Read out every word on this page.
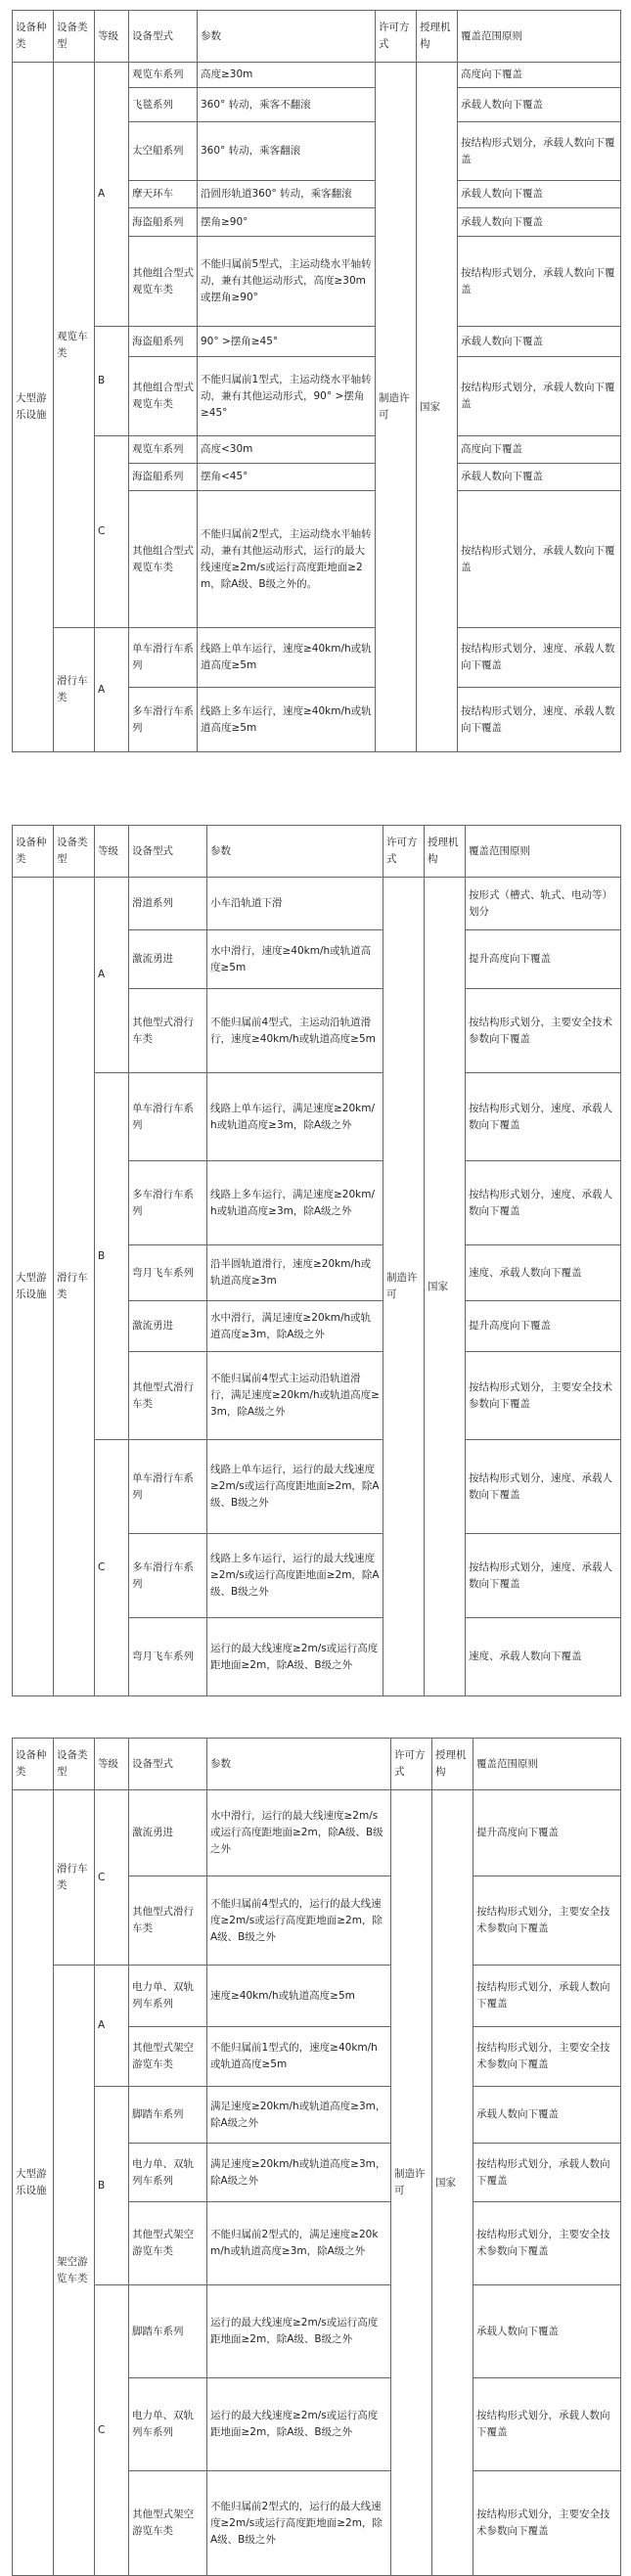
设备种类	设备类型	等级	设备型式	参数	许可方式	授理机构	覆盖范围原则
大型游乐设施	观览车类	A	观览车系列	高度≥30m	制造许可	国家	高度向下覆盖
			飞毯系列	360° 转动，乘客不翻滚			承载人数向下覆盖
			太空船系列	360° 转动，乘客翻滚			按结构形式划分，承载人数向下覆盖
			摩天环车	沿圆形轨道360° 转动，乘客翻滚			承载人数向下覆盖
			海盗船系列	摆角≥90°			承载人数向下覆盖
			其他组合型式观览车类	不能归属前5型式，主运动绕水平轴转动，兼有其他运动形式，高度≥30m或摆角≥90°			按结构形式划分，承载人数向下覆盖
		B	海盗船系列	90° >摆角≥45°			承载人数向下覆盖
			其他组合型式观览车类	不能归属前1型式，主运动绕水平轴转动，兼有其他运动形式，90° >摆角≥45°			按结构形式划分，承载人数向下覆盖
		C	观览车系列	高度<30m			高度向下覆盖
			海盗船系列	摆角<45°			承载人数向下覆盖
			其他组合型式观览车类	不能归属前2型式，主运动绕水平轴转动，兼有其他运动形式，运行的最大线速度≥2m/s或运行高度距地面≥2m，除A级、B级之外的。			按结构形式划分，承载人数向下覆盖
	滑行车类	A	单车滑行车系列	线路上单车运行，速度≥40km/h或轨道高度≥5m			按结构形式划分，速度、承载人数向下覆盖
			多车滑行车系列	线路上多车运行，速度≥40km/h或轨道高度≥5m			按结构形式划分，速度、承载人数向下覆盖
设备种类	设备类型	等级	设备型式	参数	许可方式	授理机构	覆盖范围原则
大型游乐设施	滑行车类	A	滑道系列	小车沿轨道下滑	制造许可	国家	按形式（槽式、轨式、电动等）划分
			激流勇进	水中滑行，速度≥40km/h或轨道高度≥5m			提升高度向下覆盖
			其他型式滑行车类	不能归属前4型式，主运动沿轨道滑行，速度≥40km/h或轨道高度≥5m			按结构形式划分，主要安全技术参数向下覆盖
		B	单车滑行车系列	线路上单车运行，满足速度≥20km/h或轨道高度≥3m，除A级之外			按结构形式划分，速度、承载人数向下覆盖
			多车滑行车系列	线路上多车运行，满足速度≥20km/h或轨道高度≥3m，除A级之外			按结构形式划分，速度、承载人数向下覆盖
			弯月飞车系列	沿半圆轨道滑行，速度≥20km/h或轨道高度≥3m			速度、承载人数向下覆盖
			激流勇进	水中滑行，满足速度≥20km/h或轨道高度≥3m，除A级之外			提升高度向下覆盖
			其他型式滑行车类	不能归属前4型式主运动沿轨道滑行，满足速度≥20km/h或轨道高度≥3m，除A级之外			按结构形式划分，主要安全技术参数向下覆盖
		C	单车滑行车系列	线路上单车运行，运行的最大线速度≥2m/s或运行高度距地面≥2m，除A级、B级之外			按结构形式划分，速度、承载人数向下覆盖
			多车滑行车系列	线路上多车运行，运行的最大线速度≥2m/s或运行高度距地面≥2m，除A级、B级之外			按结构形式划分，速度、承载人数向下覆盖
			弯月飞车系列	运行的最大线速度≥2m/s或运行高度距地面≥2m，除A级、B级之外			速度、承载人数向下覆盖
设备种类	设备类型	等级	设备型式	参数	许可方式	授理机构	覆盖范围原则
大型游乐设施	滑行车类	C	激流勇进	水中滑行，运行的最大线速度≥2m/s或运行高度距地面≥2m，除A级、B级之外	制造许可	国家	提升高度向下覆盖
			其他型式滑行车类	不能归属前4型式的，运行的最大线速度≥2m/s或运行高度距地面≥2m，除A级、B级之外			按结构形式划分，主要安全技术参数向下覆盖
	架空游览车类	A	电力单、双轨列车系列	速度≥40km/h或轨道高度≥5m			按结构形式划分，承载人数向下覆盖
			其他型式架空游览车类	不能归属前1型式的，速度≥40km/h或轨道高度≥5m			按结构形式划分，主要安全技术参数向下覆盖
		B	脚踏车系列	满足速度≥20km/h或轨道高度≥3m，除A级之外			承载人数向下覆盖
			电力单、双轨列车系列	满足速度≥20km/h或轨道高度≥3m，除A级之外			按结构形式划分，承载人数向下覆盖
			其他型式架空游览车类	不能归属前2型式的，满足速度≥20km/h或轨道高度≥3m，除A级之外			按结构形式划分，主要安全技术参数向下覆盖
		C	脚踏车系列	运行的最大线速度≥2m/s或运行高度距地面≥2m，除A级、B级之外			承载人数向下覆盖
			电力单、双轨列车系列	运行的最大线速度≥2m/s或运行高度距地面≥2m，除A级、B级之外			按结构形式划分，承载人数向下覆盖
			其他型式架空游览车类	不能归属前2型式的，运行的最大线速度≥2m/s或运行高度距地面≥2m，除A级、B级之外			按结构形式划分，主要安全技术参数向下覆盖
